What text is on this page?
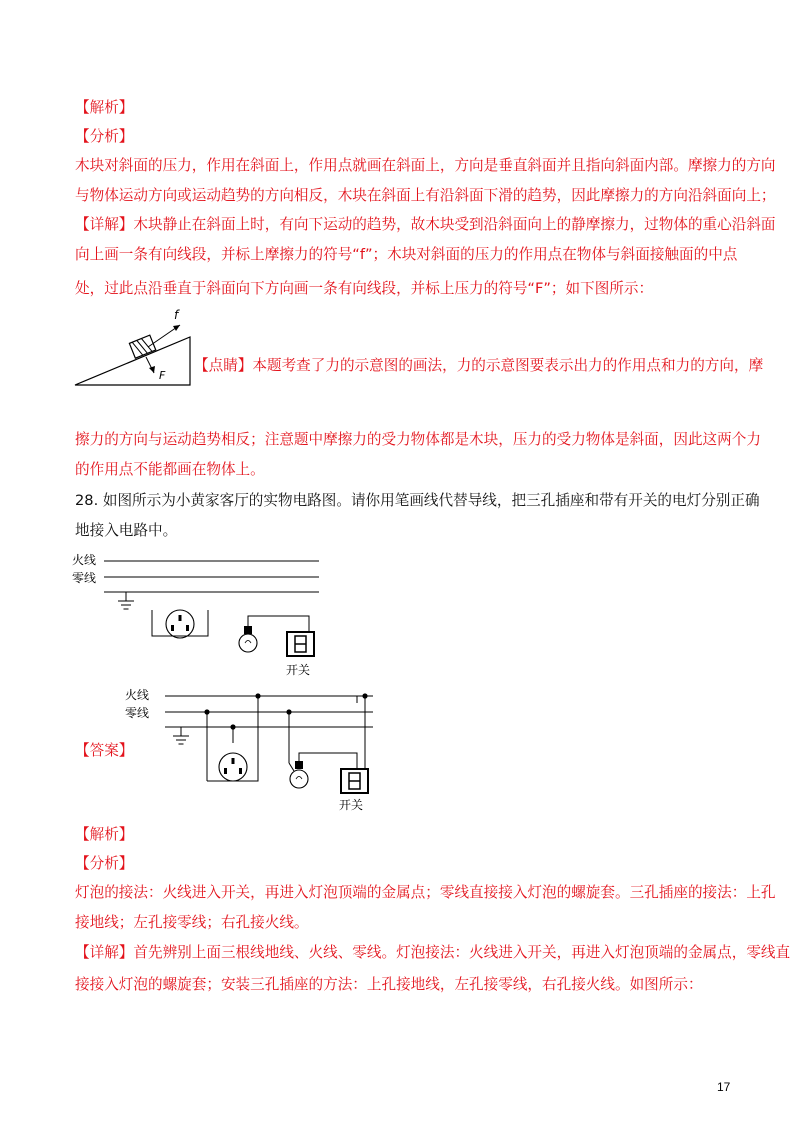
【解析】
【分析】
木块对斜面的压力，作用在斜面上，作用点就画在斜面上，方向是垂直斜面并且指向斜面内部。摩擦力的方向
与物体运动方向或运动趋势的方向相反，木块在斜面上有沿斜面下滑的趋势，因此摩擦力的方向沿斜面向上；
【详解】木块静止在斜面上时，有向下运动的趋势，故木块受到沿斜面向上的静摩擦力，过物体的重心沿斜面
向上画一条有向线段，并标上摩擦力的符号“f”；木块对斜面的压力的作用点在物体与斜面接触面的中点
处，过此点沿垂直于斜面向下方向画一条有向线段，并标上压力的符号“F”；如下图所示：
f
F
【点睛】本题考查了力的示意图的画法，力的示意图要表示出力的作用点和力的方向，摩
擦力的方向与运动趋势相反；注意题中摩擦力的受力物体都是木块，压力的受力物体是斜面，因此这两个力
的作用点不能都画在物体上。
28. 如图所示为小黄家客厅的实物电路图。请你用笔画线代替导线，把三孔插座和带有开关的电灯分别正确
地接入电路中。
火线
零线
开关
【答案】
火线
零线
开关
【解析】
【分析】
灯泡的接法：火线进入开关，再进入灯泡顶端的金属点；零线直接接入灯泡的螺旋套。三孔插座的接法：上孔
接地线；左孔接零线；右孔接火线。
【详解】首先辨别上面三根线地线、火线、零线。灯泡接法：火线进入开关，再进入灯泡顶端的金属点，零线直
接接入灯泡的螺旋套；安装三孔插座的方法：上孔接地线，左孔接零线，右孔接火线。如图所示：
17
